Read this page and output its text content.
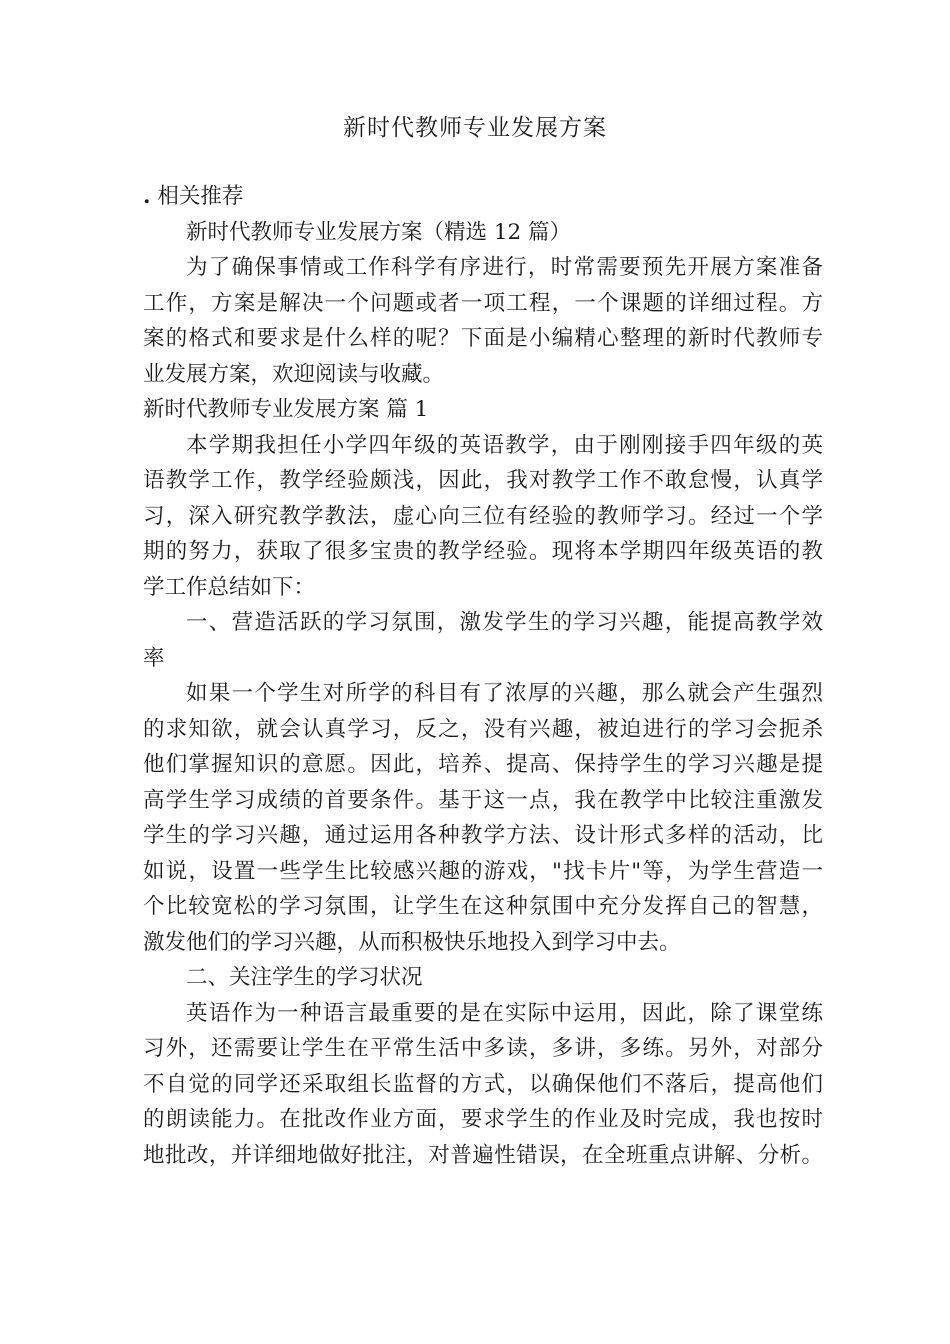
新时代教师专业发展方案
. 相关推荐
新时代教师专业发展方案（精选 12 篇）
为了确保事情或工作科学有序进行，时常需要预先开展方案准备
工作，方案是解决一个问题或者一项工程，一个课题的详细过程。方
案的格式和要求是什么样的呢？下面是小编精心整理的新时代教师专
业发展方案，欢迎阅读与收藏。
新时代教师专业发展方案 篇 1
本学期我担任小学四年级的英语教学，由于刚刚接手四年级的英
语教学工作，教学经验颇浅，因此，我对教学工作不敢怠慢，认真学
习，深入研究教学教法，虚心向三位有经验的教师学习。经过一个学
期的努力，获取了很多宝贵的教学经验。现将本学期四年级英语的教
学工作总结如下：
一、营造活跃的学习氛围，激发学生的学习兴趣，能提高教学效
率
如果一个学生对所学的科目有了浓厚的兴趣，那么就会产生强烈
的求知欲，就会认真学习，反之，没有兴趣，被迫进行的学习会扼杀
他们掌握知识的意愿。因此，培养、提高、保持学生的学习兴趣是提
高学生学习成绩的首要条件。基于这一点，我在教学中比较注重激发
学生的学习兴趣，通过运用各种教学方法、设计形式多样的活动，比
如说，设置一些学生比较感兴趣的游戏，"找卡片"等，为学生营造一
个比较宽松的学习氛围，让学生在这种氛围中充分发挥自己的智慧，
激发他们的学习兴趣，从而积极快乐地投入到学习中去。
二、关注学生的学习状况
英语作为一种语言最重要的是在实际中运用，因此，除了课堂练
习外，还需要让学生在平常生活中多读，多讲，多练。另外，对部分
不自觉的同学还采取组长监督的方式，以确保他们不落后，提高他们
的朗读能力。在批改作业方面，要求学生的作业及时完成，我也按时
地批改，并详细地做好批注，对普遍性错误，在全班重点讲解、分析。
